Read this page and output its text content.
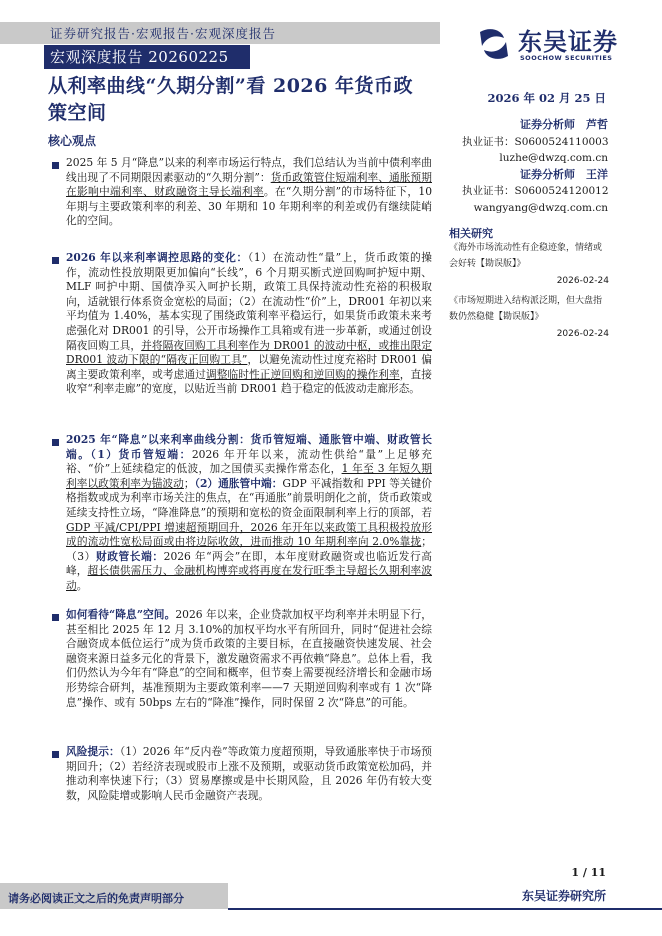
证券研究报告·宏观报告·宏观深度报告
宏观深度报告 20260225
东吴证券
SOOCHOW SECURITIES
从利率曲线“久期分割”看 2026 年货币政策空间
2026 年 02 月 25 日
证券分析师　芦哲
执业证书：S0600524110003
luzhe@dwzq.com.cn
证券分析师　王洋
执业证书：S0600524120012
wangyang@dwzq.com.cn
相关研究
《海外市场流动性有企稳迹象，情绪或会好转【勘误版】》
2026-02-24
《市场短期进入结构派泛期，但大盘指数仍然稳健【勘误版】》
2026-02-24
核心观点
2025 年 5 月“降息”以来的利率市场运行特点，我们总结认为当前中债利率曲线出现了不同期限因素驱动的“久期分割”：货币政策管住短端利率、通胀预期在影响中端利率、财政融资主导长端利率。在“久期分割”的市场特征下，10 年期与主要政策利率的利差、30 年期和 10 年期利率的利差或仍有继续陡峭化的空间。
2026 年以来利率调控思路的变化：（1）在流动性“量”上，货币政策的操作，流动性投放期限更加偏向“长线”，6 个月期买断式逆回购呵护短中期、MLF 呵护中期、国债净买入呵护长期，政策工具保持流动性充裕的积极取向，适就银行体系资金宽松的局面；（2）在流动性“价”上，DR001 年初以来平均值为 1.40%，基本实现了围绕政策利率平稳运行，如果货币政策未来考虑强化对 DR001 的引导，公开市场操作工具箱或有进一步革新，或通过创设隔夜回购工具，并将隔夜回购工具利率作为 DR001 的波动中枢，或推出限定 DR001 波动下限的“隔夜正回购工具”，以避免流动性过度充裕时 DR001 偏离主要政策利率，或考虑通过调整临时性正逆回购和逆回购的操作利率，直接收窄“利率走廊”的宽度，以贴近当前 DR001 趋于稳定的低波动走廊形态。
2025 年“降息”以来利率曲线分割：货币管短端、通胀管中端、财政管长端。（1）货币管短端：2026 年开年以来，流动性供给“量”上足够充裕、“价”上延续稳定的低波，加之国债买卖操作常态化，1 年至 3 年短久期利率以政策利率为锚波动；（2）通胀管中端：GDP 平减指数和 PPI 等关键价格指数或成为利率市场关注的焦点，在“再通胀”前景明朗化之前，货币政策或延续支持性立场，“降准降息”的预期和宽松的资金面限制利率上行的顶部，若 GDP 平减/CPI/PPI 增速超预期回升，2026 年开年以来政策工具积极投放形成的流动性宽松局面或由将边际收敛，进而推动 10 年期利率向 2.0%靠拢；（3）财政管长端：2026 年“两会”在即，本年度财政融资或也临近发行高峰，超长债供需压力、金融机构博弈或将再度在发行旺季主导超长久期利率波动。
如何看待“降息”空间。2026 年以来，企业贷款加权平均利率并未明显下行，甚至相比 2025 年 12 月 3.10%的加权平均水平有所回升，同时“促进社会综合融资成本低位运行”成为货币政策的主要目标，在直接融资快速发展、社会融资来源日益多元化的背景下，激发融资需求不再依赖“降息”。总体上看，我们仍然认为今年有“降息”的空间和概率，但节奏上需要视经济增长和金融市场形势综合研判，基准预期为主要政策利率——7 天期逆回购利率或有 1 次“降息”操作、或有 50bps 左右的“降准”操作，同时保留 2 次“降息”的可能。
风险提示：（1）2026 年“反内卷”等政策力度超预期，导致通胀率快于市场预期回升；（2）若经济表现或股市上涨不及预期，或驱动货币政策宽松加码，并推动利率快速下行；（3）贸易摩擦或是中长期风险，且 2026 年仍有较大变数，风险陡增或影响人民币金融资产表现。
1 / 11
请务必阅读正文之后的免责声明部分	东吴证券研究所
